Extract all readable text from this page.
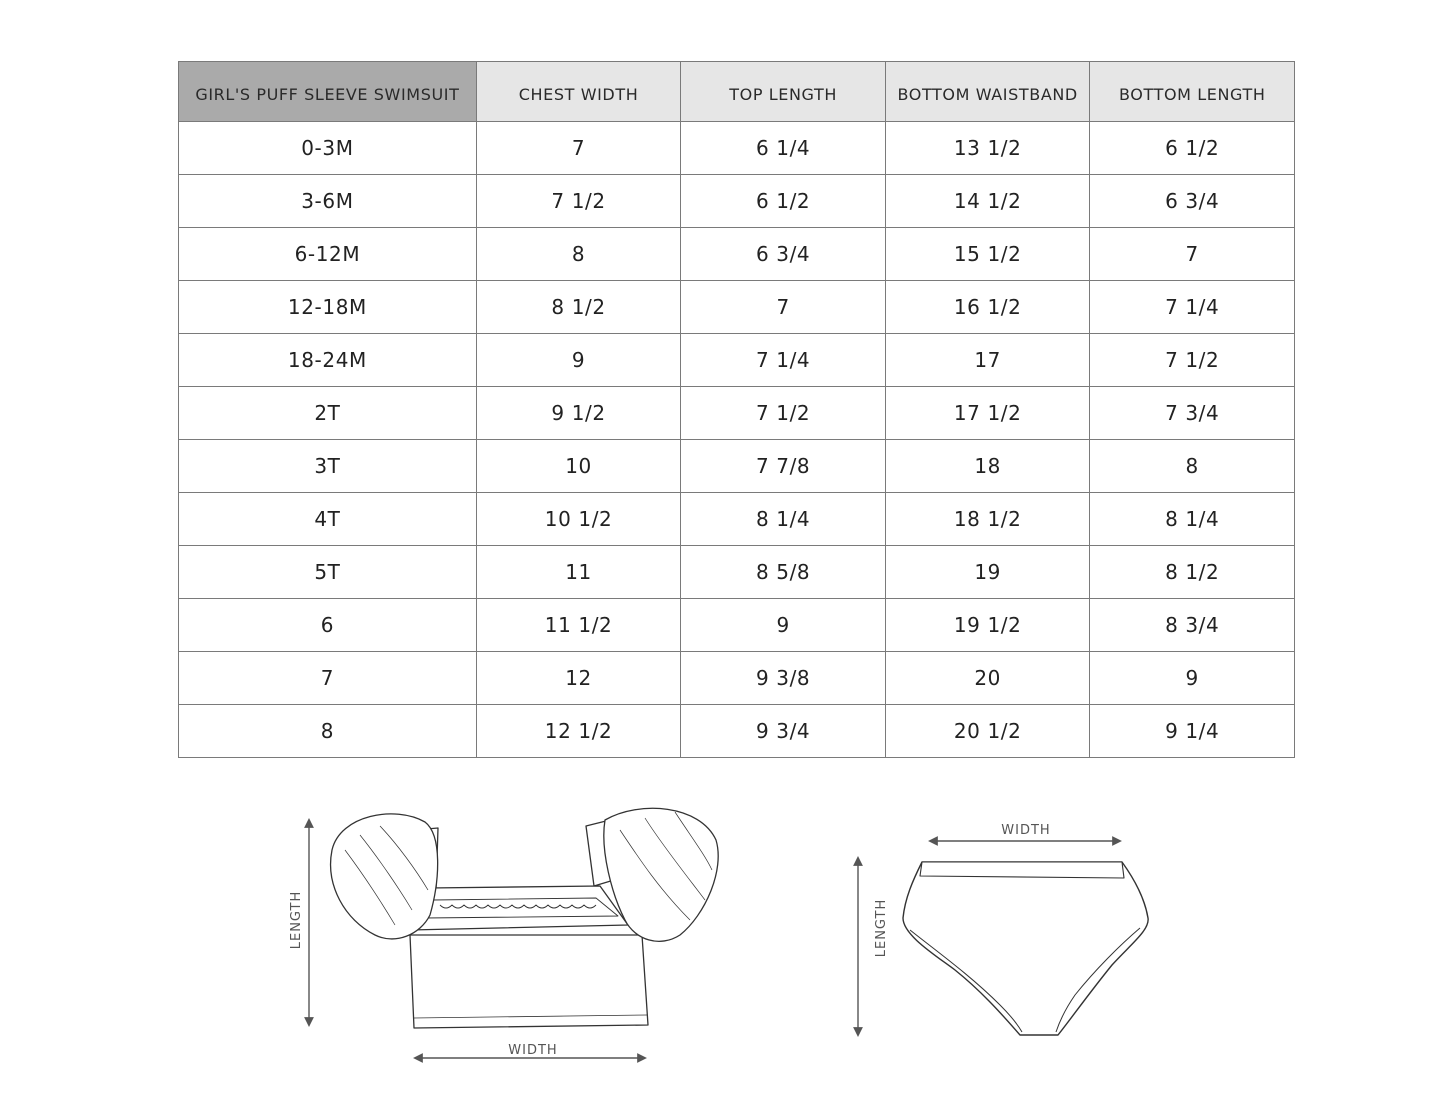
GIRL'S PUFF SLEEVE SWIMSUIT	CHEST WIDTH	TOP LENGTH	BOTTOM WAISTBAND	BOTTOM LENGTH
0-3M	7	6 1/4	13 1/2	6 1/2
3-6M	7 1/2	6 1/2	14 1/2	6 3/4
6-12M	8	6 3/4	15 1/2	7
12-18M	8 1/2	7	16 1/2	7 1/4
18-24M	9	7 1/4	17	7 1/2
2T	9 1/2	7 1/2	17 1/2	7 3/4
3T	10	7 7/8	18	8
4T	10 1/2	8 1/4	18 1/2	8 1/4
5T	11	8 5/8	19	8 1/2
6	11 1/2	9	19 1/2	8 3/4
7	12	9 3/8	20	9
8	12 1/2	9 3/4	20 1/2	9 1/4
LENGTH
WIDTH
LENGTH
WIDTH
